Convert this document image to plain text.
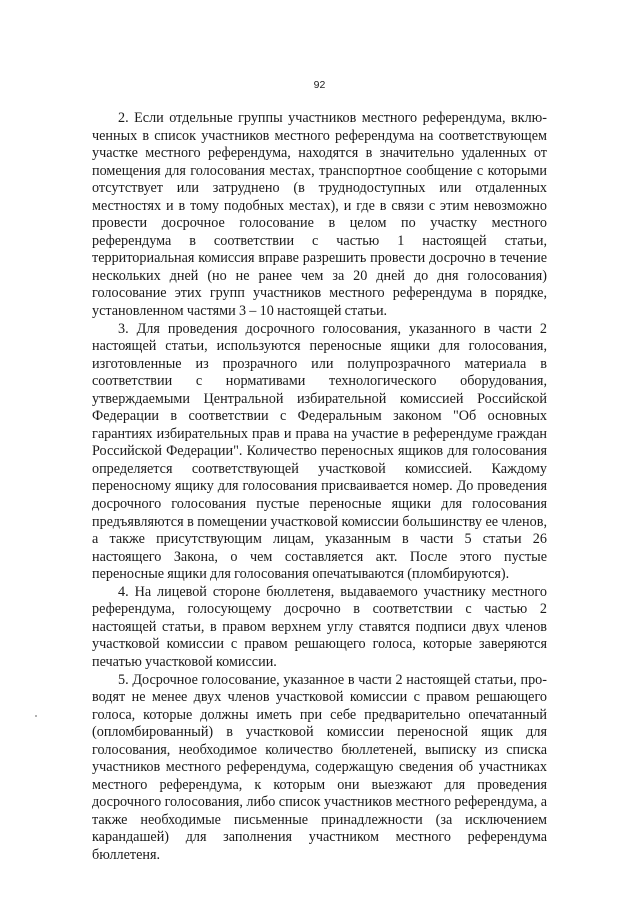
92

2. Если отдельные группы участников местного референдума, включенных в список участников местного референдума на соответствующем участке местного референдума, находятся в значительно удаленных от помещения для голосования местах, транспортное сообщение с которыми отсутствует или затруднено (в труднодоступных или отдаленных местностях и в тому подобных местах), и где в связи с этим невозможно провести досрочное голосование в целом по участку местного референдума в соответствии с частью 1 настоящей статьи, территориальная комиссия вправе разрешить провести досрочно в течение нескольких дней (но не ранее чем за 20 дней до дня голосования) голосование этих групп участников местного референдума в порядке, установленном частями 3 – 10 настоящей статьи.

3. Для проведения досрочного голосования, указанного в части 2 настоящей статьи, используются переносные ящики для голосования, изготовленные из прозрачного или полупрозрачного материала в соответствии с нормативами технологического оборудования, утверждаемыми Центральной избирательной комиссией Российской Федерации в соответствии с Федеральным законом "Об основных гарантиях избирательных прав и права на участие в референдуме граждан Российской Федерации". Количество переносных ящиков для голосования определяется соответствующей участковой комиссией. Каждому переносному ящику для голосования присваивается номер. До проведения досрочного голосования пустые переносные ящики для голосования предъявляются в помещении участковой комиссии большинству ее членов, а также присутствующим лицам, указанным в части 5 статьи 26 настоящего Закона, о чем составляется акт. После этого пустые переносные ящики для голосования опечатываются (пломбируются).

4. На лицевой стороне бюллетеня, выдаваемого участнику местного референдума, голосующему досрочно в соответствии с частью 2 настоящей статьи, в правом верхнем углу ставятся подписи двух членов участковой комиссии с правом решающего голоса, которые заверяются печатью участковой комиссии.

5. Досрочное голосование, указанное в части 2 настоящей статьи, проводят не менее двух членов участковой комиссии с правом решающего голоса, которые должны иметь при себе предварительно опечатанный (опломбированный) в участковой комиссии переносной ящик для голосования, необходимое количество бюллетеней, выписку из списка участников местного референдума, содержащую сведения об участниках местного референдума, к которым они выезжают для проведения досрочного голосования, либо список участников местного референдума, а также необходимые письменные принадлежности (за исключением карандашей) для заполнения участником местного референдума бюллетеня.
